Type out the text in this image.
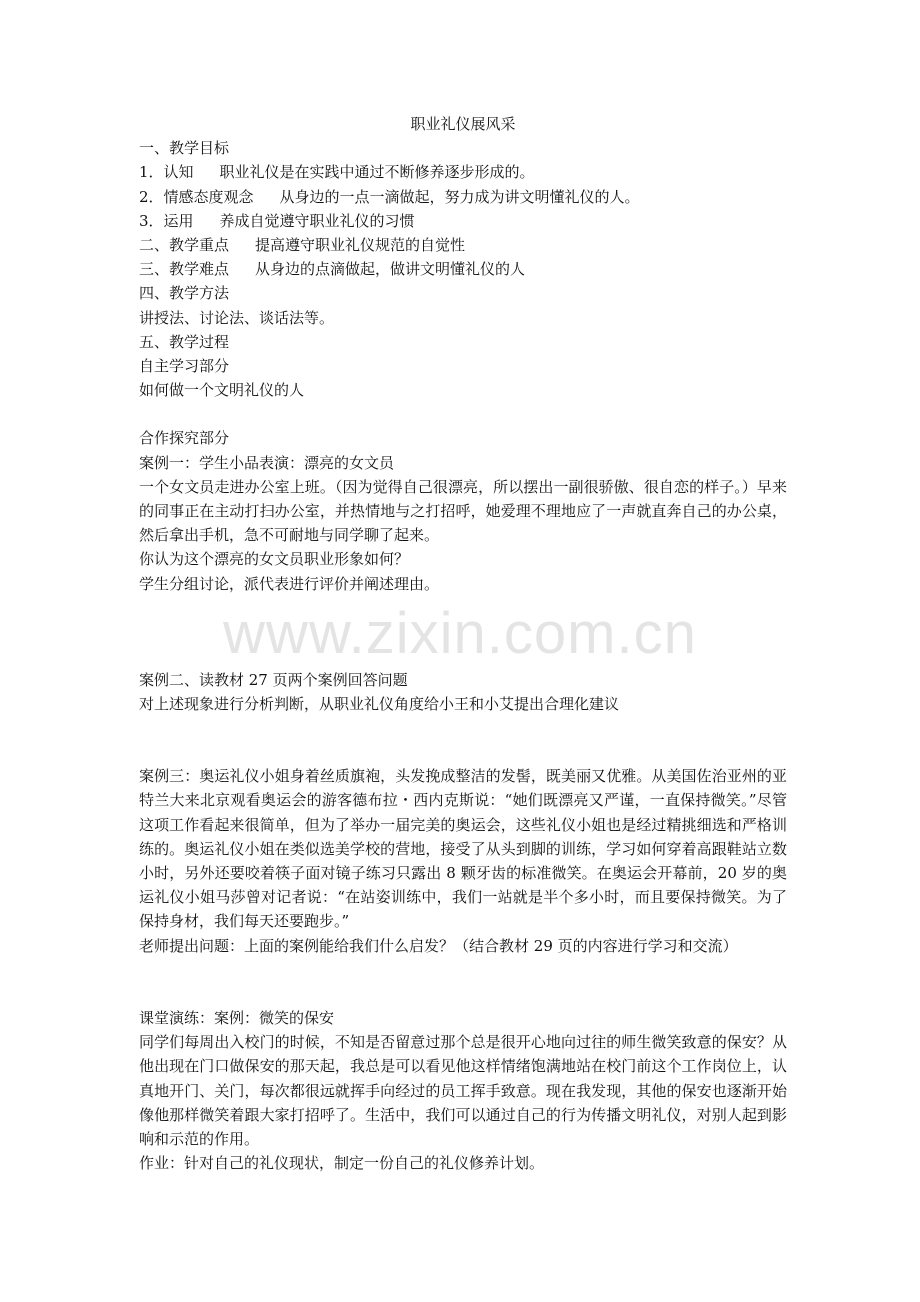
职业礼仪展风采

一、教学目标

1．认知 职业礼仪是在实践中通过不断修养逐步形成的。

2．情感态度观念 从身边的一点一滴做起，努力成为讲文明懂礼仪的人。

3．运用 养成自觉遵守职业礼仪的习惯

二、教学重点 提高遵守职业礼仪规范的自觉性

三、教学难点 从身边的点滴做起，做讲文明懂礼仪的人

四、教学方法

讲授法、讨论法、谈话法等。

五、教学过程

自主学习部分

如何做一个文明礼仪的人

合作探究部分

案例一：学生小品表演：漂亮的女文员

一个女文员走进办公室上班。（因为觉得自己很漂亮，所以摆出一副很骄傲、很自恋的样子。）早来的同事正在主动打扫办公室，并热情地与之打招呼，她爱理不理地应了一声就直奔自己的办公桌，然后拿出手机，急不可耐地与同学聊了起来。

你认为这个漂亮的女文员职业形象如何？

学生分组讨论，派代表进行评价并阐述理由。

案例二、读教材 27 页两个案例回答问题

对上述现象进行分析判断，从职业礼仪角度给小王和小艾提出合理化建议

案例三：奥运礼仪小姐身着丝质旗袍，头发挽成整洁的发髻，既美丽又优雅。从美国佐治亚州的亚特兰大来北京观看奥运会的游客德布拉・西内克斯说：“她们既漂亮又严谨，一直保持微笑。”尽管这项工作看起来很简单，但为了举办一届完美的奥运会，这些礼仪小姐也是经过精挑细选和严格训练的。奥运礼仪小姐在类似选美学校的营地，接受了从头到脚的训练，学习如何穿着高跟鞋站立数小时，另外还要咬着筷子面对镜子练习只露出 8 颗牙齿的标准微笑。在奥运会开幕前，20 岁的奥运礼仪小姐马莎曾对记者说：“在站姿训练中，我们一站就是半个多小时，而且要保持微笑。为了保持身材，我们每天还要跑步。”

老师提出问题：上面的案例能给我们什么启发？（结合教材 29 页的内容进行学习和交流）

课堂演练：案例：微笑的保安

同学们每周出入校门的时候，不知是否留意过那个总是很开心地向过往的师生微笑致意的保安？从他出现在门口做保安的那天起，我总是可以看见他这样情绪饱满地站在校门前这个工作岗位上，认真地开门、关门，每次都很远就挥手向经过的员工挥手致意。现在我发现，其他的保安也逐渐开始像他那样微笑着跟大家打招呼了。生活中，我们可以通过自己的行为传播文明礼仪，对别人起到影响和示范的作用。

作业：针对自己的礼仪现状，制定一份自己的礼仪修养计划。

www.zixin.com.cn
